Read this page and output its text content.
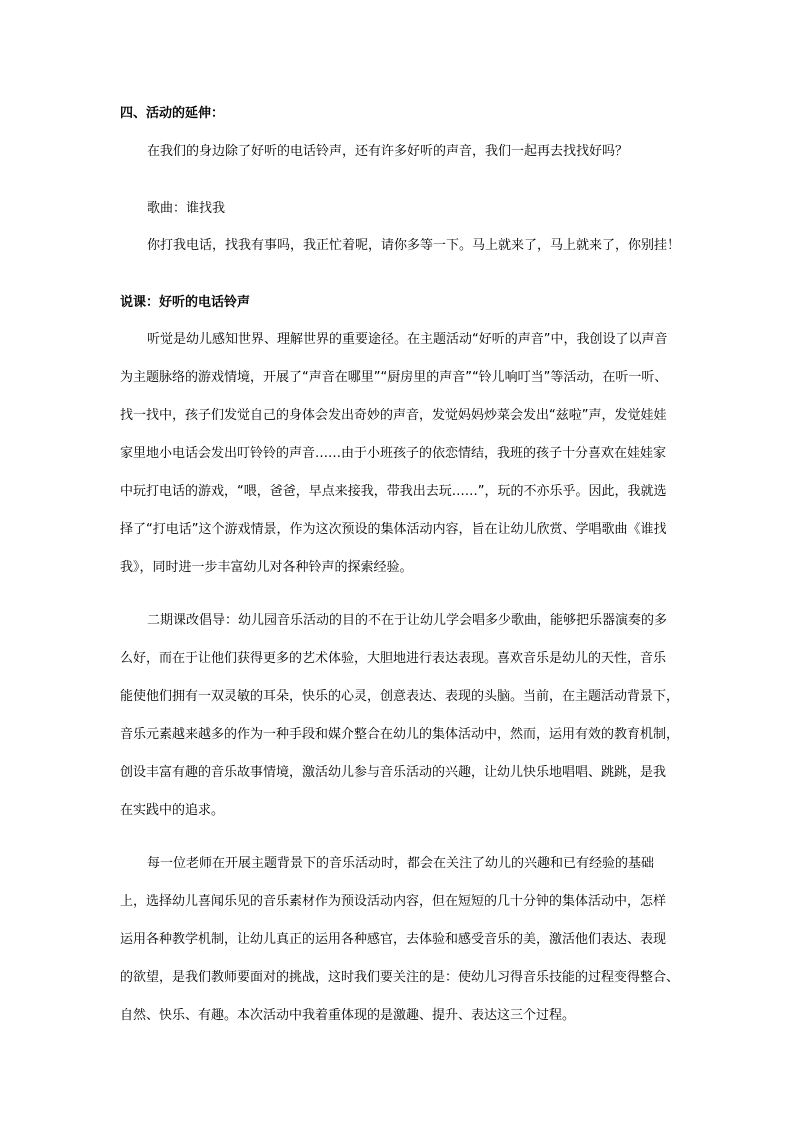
四、活动的延伸：
在我们的身边除了好听的电话铃声，还有许多好听的声音，我们一起再去找找好吗？
歌曲：谁找我
你打我电话，找我有事吗，我正忙着呢，请你多等一下。马上就来了，马上就来了，你别挂！
说课：好听的电话铃声
听觉是幼儿感知世界、理解世界的重要途径。在主题活动“好听的声音”中，我创设了以声音
为主题脉络的游戏情境，开展了“声音在哪里”“厨房里的声音”“铃儿响叮当”等活动，在听一听、
找一找中，孩子们发觉自己的身体会发出奇妙的声音，发觉妈妈炒菜会发出“兹啦”声，发觉娃娃
家里地小电话会发出叮铃铃的声音……由于小班孩子的依恋情结，我班的孩子十分喜欢在娃娃家
中玩打电话的游戏，“喂，爸爸，早点来接我，带我出去玩……”，玩的不亦乐乎。因此，我就选
择了“打电话”这个游戏情景，作为这次预设的集体活动内容，旨在让幼儿欣赏、学唱歌曲《谁找
我》，同时进一步丰富幼儿对各种铃声的探索经验。
二期课改倡导：幼儿园音乐活动的目的不在于让幼儿学会唱多少歌曲，能够把乐器演奏的多
么好，而在于让他们获得更多的艺术体验，大胆地进行表达表现。喜欢音乐是幼儿的天性，音乐
能使他们拥有一双灵敏的耳朵，快乐的心灵，创意表达、表现的头脑。当前，在主题活动背景下，
音乐元素越来越多的作为一种手段和媒介整合在幼儿的集体活动中，然而，运用有效的教育机制，
创设丰富有趣的音乐故事情境，激活幼儿参与音乐活动的兴趣，让幼儿快乐地唱唱、跳跳，是我
在实践中的追求。
每一位老师在开展主题背景下的音乐活动时，都会在关注了幼儿的兴趣和已有经验的基础
上，选择幼儿喜闻乐见的音乐素材作为预设活动内容，但在短短的几十分钟的集体活动中，怎样
运用各种教学机制，让幼儿真正的运用各种感官，去体验和感受音乐的美，激活他们表达、表现
的欲望，是我们教师要面对的挑战，这时我们要关注的是：使幼儿习得音乐技能的过程变得整合、
自然、快乐、有趣。本次活动中我着重体现的是激趣、提升、表达这三个过程。
